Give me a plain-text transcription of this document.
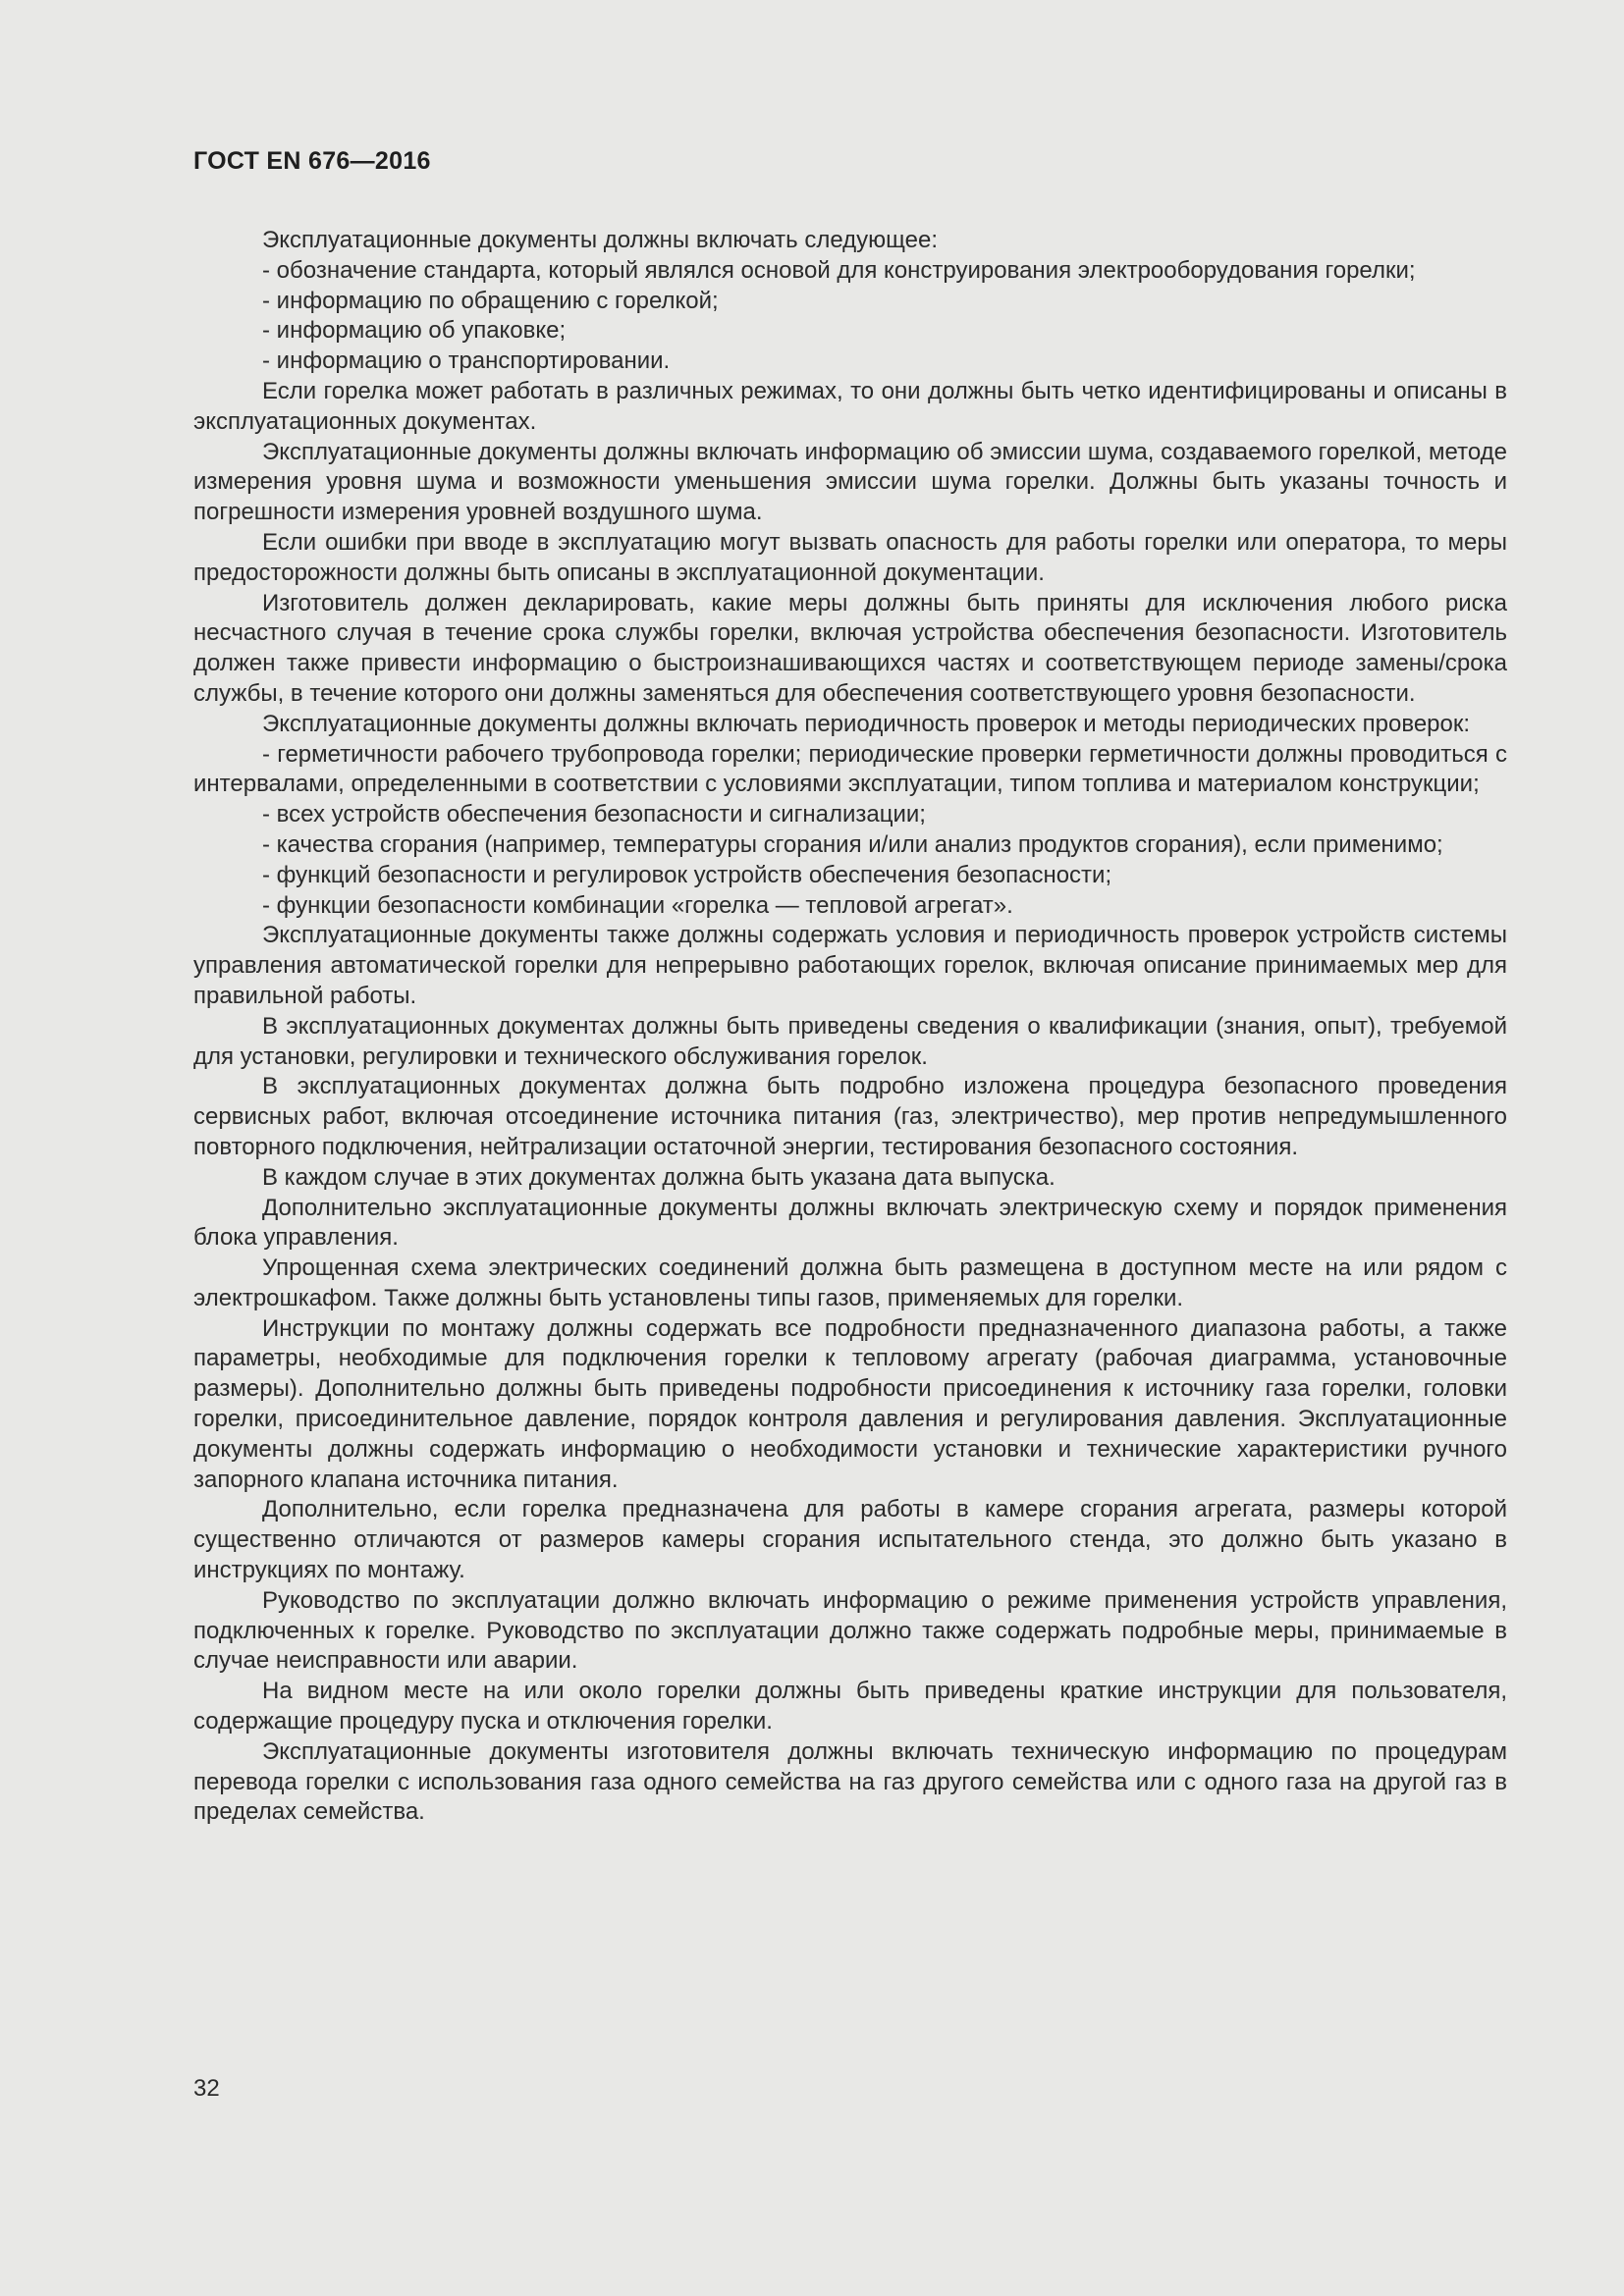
ГОСТ EN 676—2016

Эксплуатационные документы должны включать следующее:

- обозначение стандарта, который являлся основой для конструирования электрооборудования горелки;

- информацию по обращению с горелкой;

- информацию об упаковке;

- информацию о транспортировании.

Если горелка может работать в различных режимах, то они должны быть четко идентифицированы и описаны в эксплуатационных документах.

Эксплуатационные документы должны включать информацию об эмиссии шума, создаваемого горелкой, методе измерения уровня шума и возможности уменьшения эмиссии шума горелки. Должны быть указаны точность и погрешности измерения уровней воздушного шума.

Если ошибки при вводе в эксплуатацию могут вызвать опасность для работы горелки или оператора, то меры предосторожности должны быть описаны в эксплуатационной документации.

Изготовитель должен декларировать, какие меры должны быть приняты для исключения любого риска несчастного случая в течение срока службы горелки, включая устройства обеспечения безопасности. Изготовитель должен также привести информацию о быстроизнашивающихся частях и соответствующем периоде замены/срока службы, в течение которого они должны заменяться для обеспечения соответствующего уровня безопасности.

Эксплуатационные документы должны включать периодичность проверок и методы периодических проверок:

- герметичности рабочего трубопровода горелки; периодические проверки герметичности должны проводиться с интервалами, определенными в соответствии с условиями эксплуатации, типом топлива и материалом конструкции;

- всех устройств обеспечения безопасности и сигнализации;

- качества сгорания (например, температуры сгорания и/или анализ продуктов сгорания), если применимо;

- функций безопасности и регулировок устройств обеспечения безопасности;

- функции безопасности комбинации «горелка — тепловой агрегат».

Эксплуатационные документы также должны содержать условия и периодичность проверок устройств системы управления автоматической горелки для непрерывно работающих горелок, включая описание принимаемых мер для правильной работы.

В эксплуатационных документах должны быть приведены сведения о квалификации (знания, опыт), требуемой для установки, регулировки и технического обслуживания горелок.

В эксплуатационных документах должна быть подробно изложена процедура безопасного проведения сервисных работ, включая отсоединение источника питания (газ, электричество), мер против непредумышленного повторного подключения, нейтрализации остаточной энергии, тестирования безопасного состояния.

В каждом случае в этих документах должна быть указана дата выпуска.

Дополнительно эксплуатационные документы должны включать электрическую схему и порядок применения блока управления.

Упрощенная схема электрических соединений должна быть размещена в доступном месте на или рядом с электрошкафом. Также должны быть установлены типы газов, применяемых для горелки.

Инструкции по монтажу должны содержать все подробности предназначенного диапазона работы, а также параметры, необходимые для подключения горелки к тепловому агрегату (рабочая диаграмма, установочные размеры). Дополнительно должны быть приведены подробности присоединения к источнику газа горелки, головки горелки, присоединительное давление, порядок контроля давления и регулирования давления. Эксплуатационные документы должны содержать информацию о необходимости установки и технические характеристики ручного запорного клапана источника питания.

Дополнительно, если горелка предназначена для работы в камере сгорания агрегата, размеры которой существенно отличаются от размеров камеры сгорания испытательного стенда, это должно быть указано в инструкциях по монтажу.

Руководство по эксплуатации должно включать информацию о режиме применения устройств управления, подключенных к горелке. Руководство по эксплуатации должно также содержать подробные меры, принимаемые в случае неисправности или аварии.

На видном месте на или около горелки должны быть приведены краткие инструкции для пользователя, содержащие процедуру пуска и отключения горелки.

Эксплуатационные документы изготовителя должны включать техническую информацию по процедурам перевода горелки с использования газа одного семейства на газ другого семейства или с одного газа на другой газ в пределах семейства.

32
